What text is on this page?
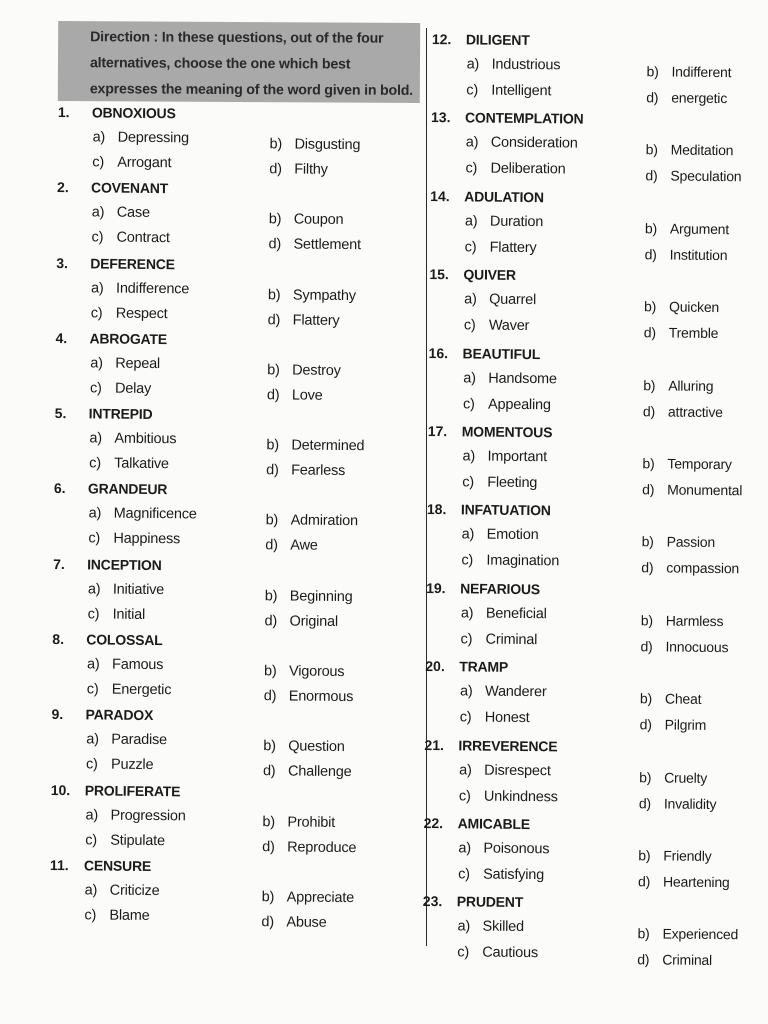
Direction : In these questions, out of the four alternatives, choose the one which best expresses the meaning of the word given in bold.
1. OBNOXIOUS
a) Depressing	b) Disgusting
c) Arrogant	d) Filthy
2. COVENANT
a) Case	b) Coupon
c) Contract	d) Settlement
3. DEFERENCE
a) Indifference	b) Sympathy
c) Respect	d) Flattery
4. ABROGATE
a) Repeal	b) Destroy
c) Delay	d) Love
5. INTREPID
a) Ambitious	b) Determined
c) Talkative	d) Fearless
6. GRANDEUR
a) Magnificence	b) Admiration
c) Happiness	d) Awe
7. INCEPTION
a) Initiative	b) Beginning
c) Initial	d) Original
8. COLOSSAL
a) Famous	b) Vigorous
c) Energetic	d) Enormous
9. PARADOX
a) Paradise	b) Question
c) Puzzle	d) Challenge
10. PROLIFERATE
a) Progression	b) Prohibit
c) Stipulate	d) Reproduce
11. CENSURE
a) Criticize	b) Appreciate
c) Blame	d) Abuse
12. DILIGENT
a) Industrious	b) Indifferent
c) Intelligent	d) energetic
13. CONTEMPLATION
a) Consideration	b) Meditation
c) Deliberation	d) Speculation
14. ADULATION
a) Duration	b) Argument
c) Flattery	d) Institution
15. QUIVER
a) Quarrel	b) Quicken
c) Waver	d) Tremble
16. BEAUTIFUL
a) Handsome	b) Alluring
c) Appealing	d) attractive
17. MOMENTOUS
a) Important	b) Temporary
c) Fleeting	d) Monumental
18. INFATUATION
a) Emotion	b) Passion
c) Imagination	d) compassion
19. NEFARIOUS
a) Beneficial	b) Harmless
c) Criminal	d) Innocuous
20. TRAMP
a) Wanderer	b) Cheat
c) Honest	d) Pilgrim
21. IRREVERENCE
a) Disrespect	b) Cruelty
c) Unkindness	d) Invalidity
22. AMICABLE
a) Poisonous	b) Friendly
c) Satisfying	d) Heartening
23. PRUDENT
a) Skilled	b) Experienced
c) Cautious	d) Criminal
